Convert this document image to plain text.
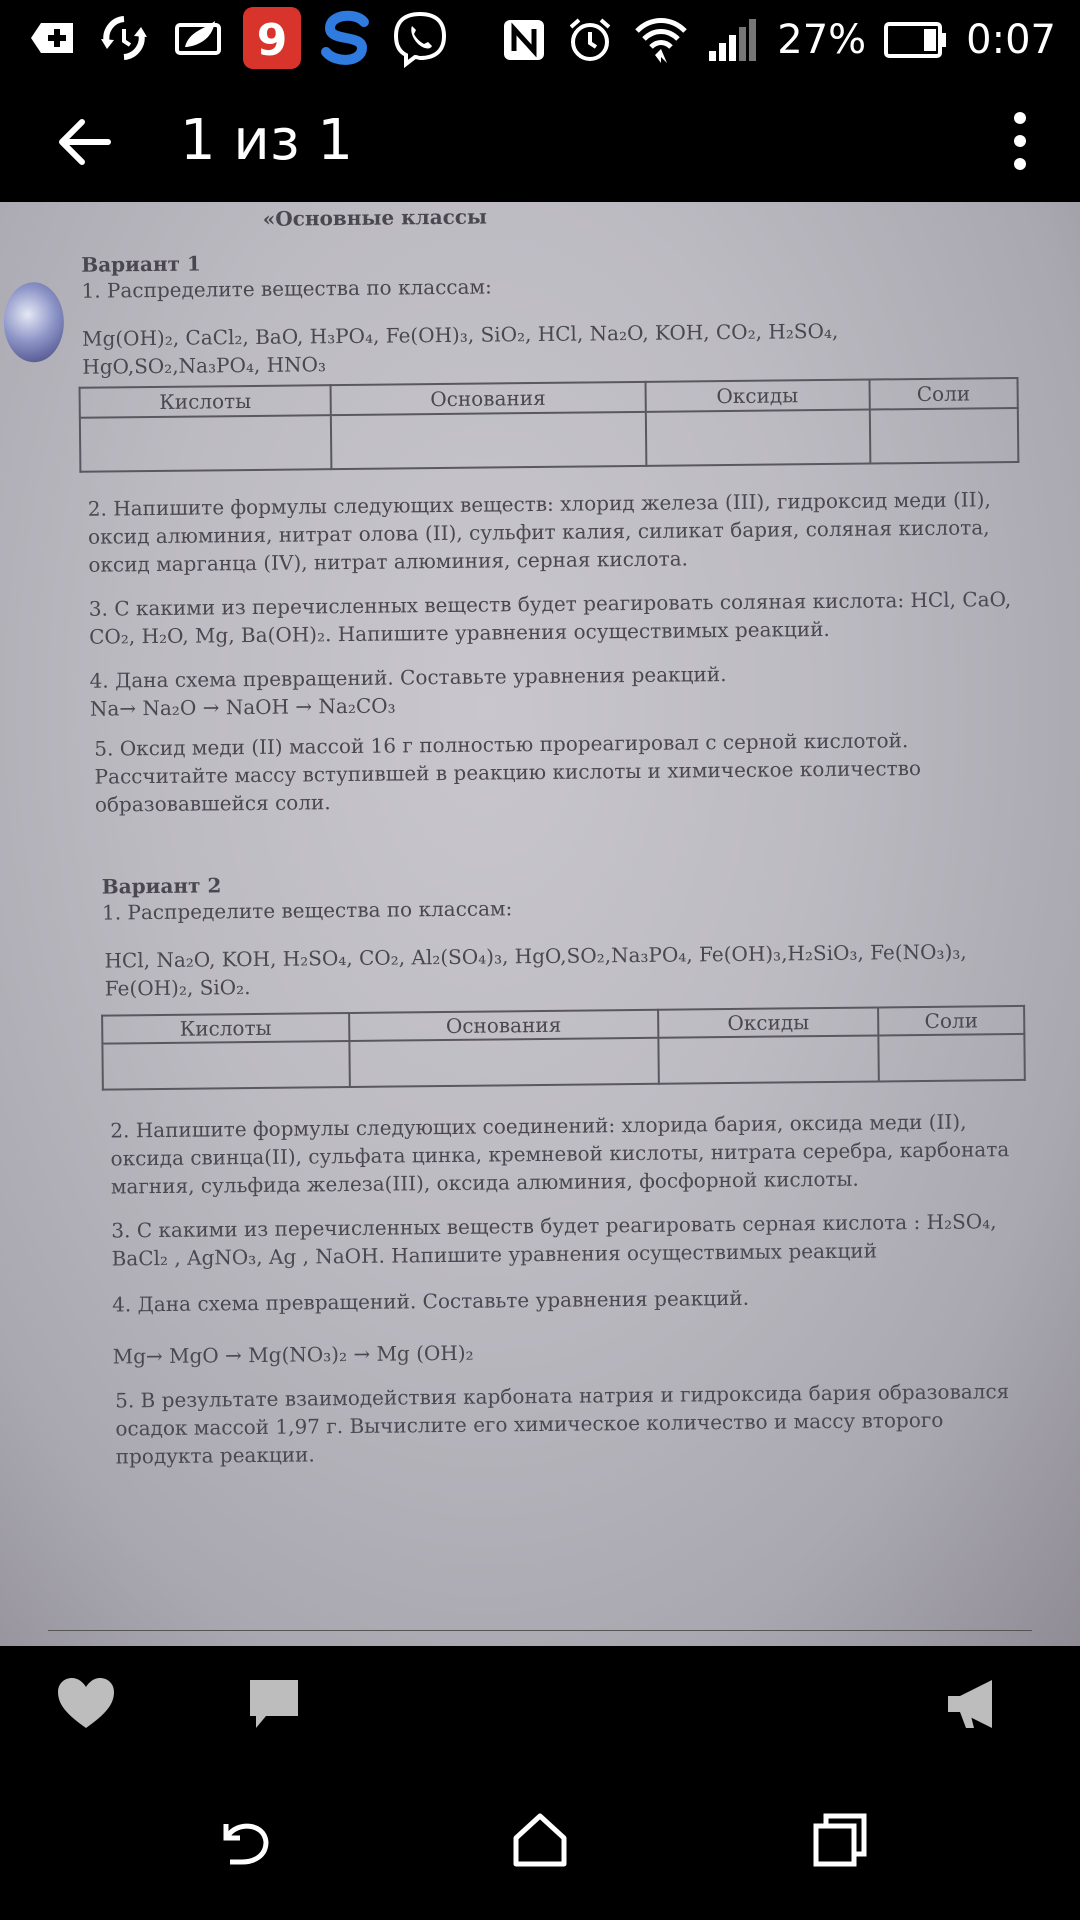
9	27%	0:07
1 из 1
«Основные классы
Вариант 1
1. Распределите вещества по классам:
Mg(OH)₂, CaCl₂, BaO, H₃PO₄, Fe(OH)₃, SiO₂, HCl, Na₂O, KOH, CO₂, H₂SO₄, HgO,SO₂,Na₃PO₄, HNO₃
Кислоты	Основания	Оксиды	Соли

2. Напишите формулы следующих веществ: хлорид железа (III), гидроксид меди (II), оксид алюминия, нитрат олова (II), сульфит калия, силикат бария, соляная кислота, оксид марганца (IV), нитрат алюминия, серная кислота.
3. С какими из перечисленных веществ будет реагировать соляная кислота: HCl, CaO, CO₂, H₂O, Mg, Ba(OH)₂. Напишите уравнения осуществимых реакций.
4. Дана схема превращений. Составьте уравнения реакций.
Na→ Na₂O → NaOH → Na₂CO₃
5. Оксид меди (II) массой 16 г полностью прореагировал с серной кислотой. Рассчитайте массу вступившей в реакцию кислоты и химическое количество образовавшейся соли.
Вариант 2
1. Распределите вещества по классам:
HCl, Na₂O, KOH, H₂SO₄, CO₂, Al₂(SO₄)₃, HgO,SO₂,Na₃PO₄, Fe(OH)₃,H₂SiO₃, Fe(NO₃)₃, Fe(OH)₂, SiO₂.
Кислоты	Основания	Оксиды	Соли

2. Напишите формулы следующих соединений: хлорида бария, оксида меди (II), оксида свинца(II), сульфата цинка, кремневой кислоты, нитрата серебра, карбоната магния, сульфида железа(III), оксида алюминия, фосфорной кислоты.
3. С какими из перечисленных веществ будет реагировать серная кислота : H₂SO₄, BaCl₂ , AgNO₃, Ag , NaOH. Напишите уравнения осуществимых реакций
4. Дана схема превращений. Составьте уравнения реакций.
Mg→ MgO → Mg(NO₃)₂ → Mg (OH)₂
5. В результате взаимодействия карбоната натрия и гидроксида бария образовался осадок массой 1,97 г. Вычислите его химическое количество и массу второго продукта реакции.
